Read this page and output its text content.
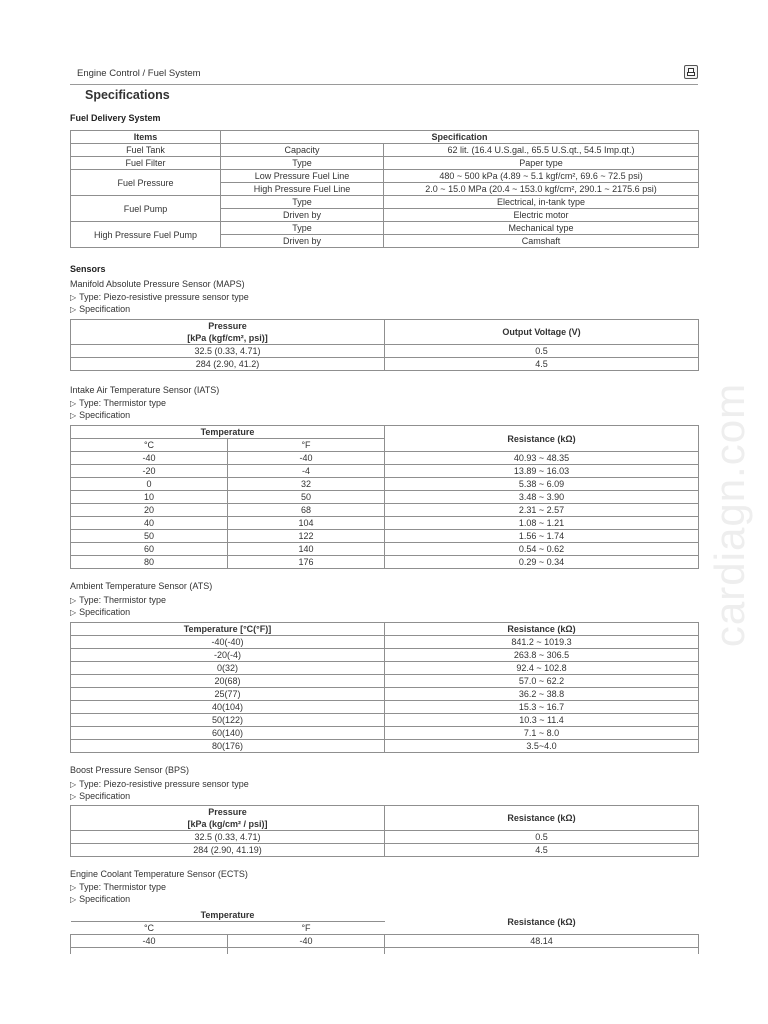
Engine Control / Fuel System
Specifications
Fuel Delivery System
Items	Specification	
Fuel Tank	Capacity	62 lit. (16.4 U.S.gal., 65.5 U.S.qt., 54.5 Imp.qt.)
Fuel Filter	Type	Paper type
Fuel Pressure	Low Pressure Fuel Line	480 ~ 500 kPa (4.89 ~ 5.1 kgf/cm², 69.6 ~ 72.5 psi)
	High Pressure Fuel Line	2.0 ~ 15.0 MPa (20.4 ~ 153.0 kgf/cm², 290.1 ~ 2175.6 psi)
Fuel Pump	Type	Electrical, in-tank type
	Driven by	Electric motor
High Pressure Fuel Pump	Type	Mechanical type
	Driven by	Camshaft
Sensors
Manifold Absolute Pressure Sensor (MAPS)
▷ Type: Piezo-resistive pressure sensor type
▷ Specification
Pressure
[kPa (kgf/cm², psi)]	Output Voltage (V)
32.5 (0.33, 4.71)	0.5
284 (2.90, 41.2)	4.5
Intake Air Temperature Sensor (IATS)
▷ Type: Thermistor type
▷ Specification
Temperature		Resistance (kΩ)
°C	°F	
-40	-40	40.93 ~ 48.35
-20	-4	13.89 ~ 16.03
0	32	5.38 ~ 6.09
10	50	3.48 ~ 3.90
20	68	2.31 ~ 2.57
40	104	1.08 ~ 1.21
50	122	1.56 ~ 1.74
60	140	0.54 ~ 0.62
80	176	0.29 ~ 0.34
Ambient Temperature Sensor (ATS)
▷ Type: Thermistor type
▷ Specification
Temperature [°C(°F)]	Resistance (kΩ)
-40(-40)	841.2 ~ 1019.3
-20(-4)	263.8 ~ 306.5
0(32)	92.4 ~ 102.8
20(68)	57.0 ~ 62.2
25(77)	36.2 ~ 38.8
40(104)	15.3 ~ 16.7
50(122)	10.3 ~ 11.4
60(140)	7.1 ~ 8.0
80(176)	3.5~4.0
Boost Pressure Sensor (BPS)
▷ Type: Piezo-resistive pressure sensor type
▷ Specification
Pressure
[kPa (kg/cm² / psi)]	Resistance (kΩ)
32.5 (0.33, 4.71)	0.5
284 (2.90, 41.19)	4.5
Engine Coolant Temperature Sensor (ECTS)
▷ Type: Thermistor type
▷ Specification
Temperature		Resistance (kΩ)
°C	°F	
-40	-40	48.14

cardiagn.com
